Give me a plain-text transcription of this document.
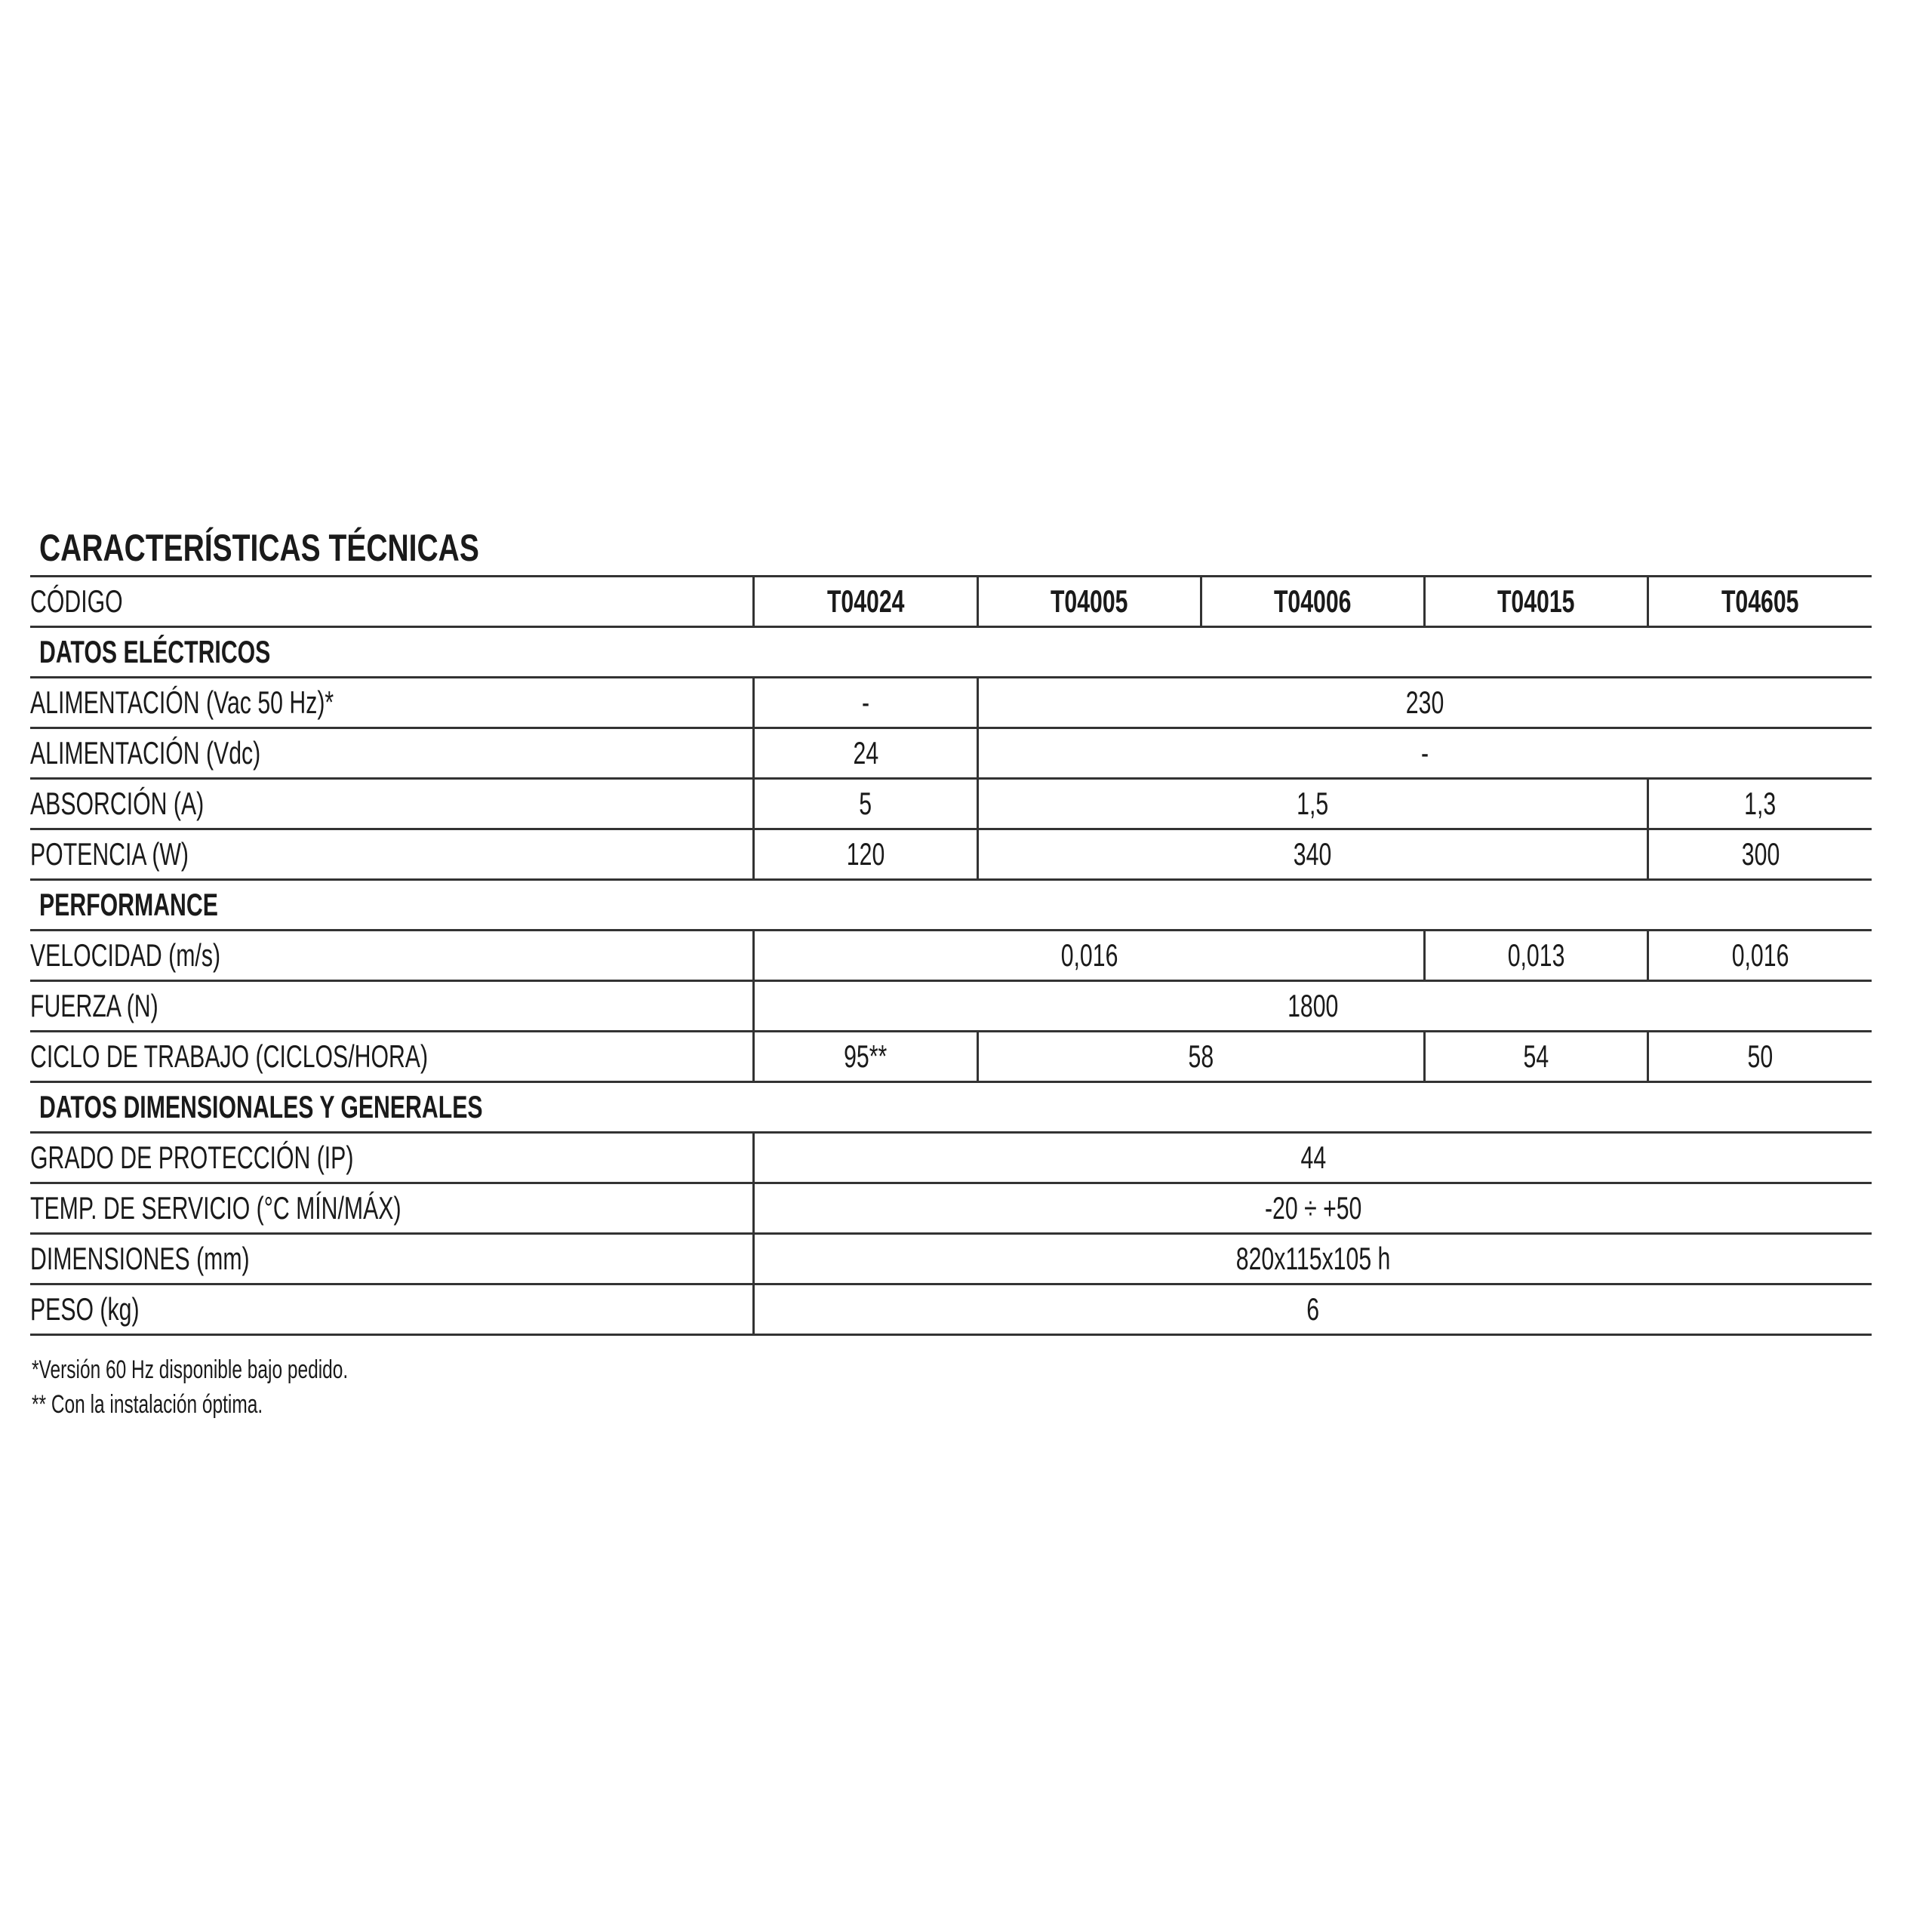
CARACTERÍSTICAS TÉCNICAS
CÓDIGO	T04024	T04005	T04006	T04015	T04605
DATOS ELÉCTRICOS					
ALIMENTACIÓN (Vac 50 Hz)*	-	230			
ALIMENTACIÓN (Vdc)	24	-			
ABSORCIÓN (A)	5	1,5			1,3
POTENCIA (W)	120	340			300
PERFORMANCE					
VELOCIDAD (m/s)	0,016			0,013	0,016
FUERZA (N)	1800				
CICLO DE TRABAJO (CICLOS/HORA)	95**	58		54	50
DATOS DIMENSIONALES Y GENERALES					
GRADO DE PROTECCIÓN (IP)	44				
TEMP. DE SERVICIO (°C MÍN/MÁX)	-20 ÷ +50				
DIMENSIONES (mm)	820x115x105 h				
PESO (kg)	6				
*Versión 60 Hz disponible bajo pedido.
** Con la instalación óptima.
